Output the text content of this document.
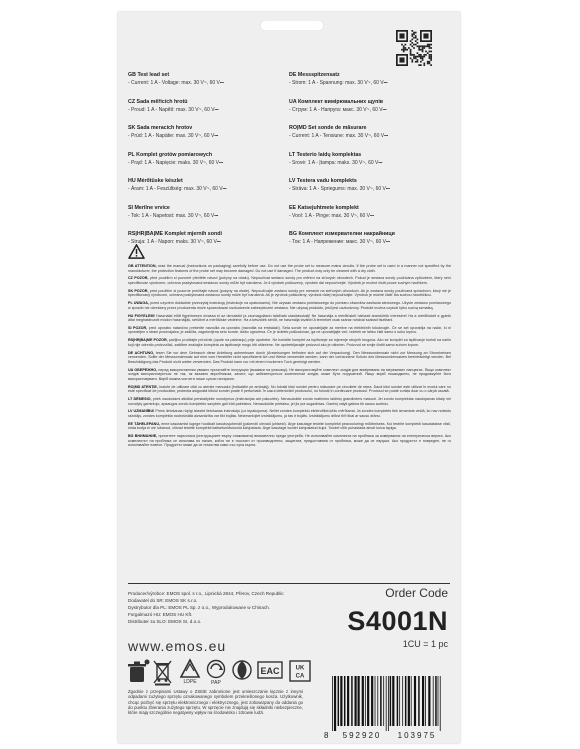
GB Test lead set
- Current: 1 A - Voltage: max. 30 V~, 60 V⎓
CZ Sada měřicích hrotů
- Proud: 1 A - Napětí: max. 30 V~, 60 V⎓
SK Sada meracích hrotov
- Prúd: 1 A - Napätie: max. 30 V~, 60 V⎓
PL Komplet grotów pomiarowych
- Prąd: 1 A - Napięcie: maks. 30 V~, 60 V⎓
HU Mérőtüske készlet
- Áram: 1 A - Feszültség: max. 30 V~, 60 V⎓
SI Merilne vrvice
- Tok: 1 A - Napetost: max. 30 V~, 60 V⎓
RS|HR|BA|ME Komplet mjernih sondi
- Struja: 1 A - Napon: maks. 30 V~, 60 V⎓
DE Messspitzensatz
- Strom: 1 A - Spannung: max. 30 V~, 60 V⎓
UA Комплект вимірювальних щупів
- Струм: 1 A - Напруга: макс. 30 V~, 60 V⎓
RO|MD Set sonde de măsurare
- Current: 1 A - Tensiune: max. 30 V~, 60 V⎓
LT Testerio laidų komplektas
- Srovė: 1 A - Įtampa: maks. 30 V~, 60 V⎓
LV Testera vadu komplekts
- Strāva: 1 A - Spriegums: max. 30 V~, 60 V⎓
EE Katsejuhtmete komplekt
- Vool: 1 A - Pinge: max. 30 V~, 60 V⎓
BG Комплект измервателни накрайници
- Ток: 1 A - Напрежение: макс. 30 V~, 60 V⎓
GB ATTENTION, read the manual (instructions on packaging) carefully before use. Do not use the probe set to measure mains circuits. If the probe set is used in a manner not specified by the manufacturer, the protection features of the probe set may become damaged. Do not use if damaged. The product may only be cleaned with a dry cloth.
CZ POZOR, před použitím si pozorně přečtěte návod (pokyny na obalu). Nepoužívat sestavu sondy pro měření na síťových obvodech. Pokud je sestava sondy používána způsobem, který není specifikován výrobcem, ochrana poskytovaná sestavou sondy může být narušena. Je-li výrobek poškozený, výrobek dál nepoužívejte. Výrobek je možné čistit pouze suchým hadříkem.
SK POZOR, pred použitím si pozorne prečítajte návod (pokyny na obale). Nepoužívajte zostavu sondy pre meranie na sieťových obvodoch. Ak je zostava sondy používaná spôsobom, ktorý nie je špecifikovaný výrobcom, ochrana poskytovaná zostavou sondy môže byť narušená. Ak je výrobok poškodený, výrobok ďalej nepoužívajte. Výrobok je možné čistiť iba suchou handričkou.
PL UWAGA, przed użyciem dokładnie przeczytaj instrukcję (instrukcje na opakowaniu). Nie używać zestawu pomiarowego do pomiaru obwodów zasilania sieciowego. Użycie zestawu pomiarowego w sposób nie określony przez producenta może spowodować uszkodzenie zabezpieczeń zestawu. Nie używaj produktu, jeśli jest uszkodzony. Produkt można czyścić tylko suchą szmatką.
HU FIGYELEM! Használat előtt figyelmesen olvassa el az útmutatót (a csomagoláson található utasításokat)! Ne használja a mérőtüskét hálózati áramkörök mérésére! Ha a mérőtüskét a gyártó által meghatározott módon használják, sérülhet a mérőtüske védelme. Ha a készülék sérült, ne használja tovább! A terméket csak száraz ruhával szabad tisztítani.
SI POZOR, pred uporabo natančno preberite navodila za uporabo (navodila na embalaži). Seta sonde ne uporabljajte za meritve na električnih tokokrogih. Če se set uporablja na način, ki ni opredeljen s strani proizvajalca, je zaščita, zagotovljena setu sonde, lahko ogrožena. Če je izdelek poškodovan, ga ne uporabljajte več. Izdelek se lahko čisti samo s suho krpico.
RS|HR|BA|ME POZOR, pažljivo pročitajte priručnik (upute na pakiranju) prije upotrebe. Ne koristite komplet za ispitivanje za mjerenje strujnih krugova. Ako se komplet za ispitivanje koristi na način koji nije odredio proizvođač, zaštitne značajke kompleta za ispitivanje mogu biti oštećene. Ne upotrebljavajte proizvod ako je oštećen. Proizvod se smije čistiti samo suhom krpom.
DE ACHTUNG, lesen Sie vor dem Gebrauch diese Anleitung aufmerksam durch (Anweisungen befinden sich auf der Verpackung). Den Messsondensatz nicht zur Messung an Stromkreisen verwenden. Sollte der Messsondensatz auf eine vom Hersteller nicht spezifizierte Art und Weise verwendet werden, kann der vorhandene Schutz des Messsondensatzes beeinträchtigt werden. Bei Beschädigung das Produkt nicht weiter verwenden. Das Produkt kann nur mit einem trockenen Tuch gereinigt werden.
UA ОБЕРЕЖНО, перед використанням уважно прочитайте інструкцію (вказівки на упаковці). Не використовуйте комплект зондів для вимірювань на мережевих ланцюгах. Якщо комплект зондів використовується не так, як вказано виробником, захист, що забезпечується комплектом зондів, може бути порушений. Якщо виріб пошкоджено, не продовжуйте його використовувати. Виріб можна чистити лише сухою ганчіркою.
RO|MD ATENȚIE, înainte de utilizare citiți cu atenție manualul (indicațiile pe ambalaj). Nu folosiți kitul sondei pentru măsurare pe circuitele de rețea. Dacă kitul sondei este utilizat în modul care nu este specificat de producător, protecția asigurată kitului sondei poate fi perturbată. În cazul deteriorării produsului, nu folosiți în continuare produsul. Produsul se poate curăța doar cu o cârpă uscată.
LT DĖMESIO, prieš naudodami atidžiai perskaitykite nurodymus (instrukcijas ant pakuotės). Nenaudokite zondo matinimo laidinių grandinėms matuoti. Jei zondo komplektas naudojamas kitaip nei nurodytų gamintojo, apsaugos zondo komplekto savybės gali būti pažeistos. Nenaudokite prietaiso, jei jis yra sugadintas. Gaminį valyti galima tik sausu audiniu.
LV UZMANĪBU! Pirms lietošanas rūpīgi izlasiet lietošanas instrukciju (uz iepakojuma). Neliet zondes komplektu elektrotīkla ķēžu mērīšanai. Ja zondes komplekts tiek izmantots veidā, ko nav noteicis ražotājs, zondes komplekta nodrošinātā aizsardzība var tikt bojāta. Neizmantojiet izstrādājumu, ja tas ir bojāts. Izstrādājumu drīkst tīrīt tikai ar sausu drānu.
EE TÄHELEPANU, enne kasutamist lugege hoolikalt kasutusjuhendit (pakendil olevaid juhiseid). Ärge kasutage testrite komplekti peavooluringi mõõtmiseks. Kui testrite komplekti kasutatakse viisil, mida tootja ei ole lubanud, võivad testrite komplekti kaitsefunktsioonid kahjustada. Ärge kasutage toodet kahjustatud kujul. Toodet võib puhastada ainult kuiva lapiga.
BG ВНИМАНИЕ, прочетете наръчника (инструкциите върху опаковката) внимателно преди употреба. Не използвайте комплекта на пробника за измервания на електрическа верига. Ако комплектът на пробника се използва по начин, който не е посочен от производителя, защитата, предоставяна от пробника, може да се наруши. Ако продуктът е повреден, не го използвайте повече. Продуктът може да се почиства само със суха кърпа.
Producer/výrobce: EMOS spol. s r.o., Lipnická 2844, Přerov, Czech Republic
Dodavatel do SR: EMOS SK s.r.o.
Dystrybutor dla PL: EMOS PL Sp. z o.o., Wyprodukowane w Chinach.
Forgalmazó HU: EMOS HU Kft.
Distributer za SLO: EMOS SI, d.o.o.
Order Code
S4001N
1CU = 1 pc
www.emos.eu
LDPE	PAP
EAC	UK
CA
Zgodnie z przepisami Ustawy o ZSEiE zabronione jest umieszczanie łącznie z innymi odpadami zużytego sprzętu oznakowanego symbolem przekreślonego kosza. Użytkownik, chcąc pozbyć się sprzętu elektronicznego i elektrycznego, jest zobowiązany do oddania go do punktu zbierania zużytego sprzętu. W sprzęcie nie znajdują się składniki niebezpieczne, które mają szczególnie negatywny wpływ na środowisko i zdrowie ludzi.
8 592920 103975
